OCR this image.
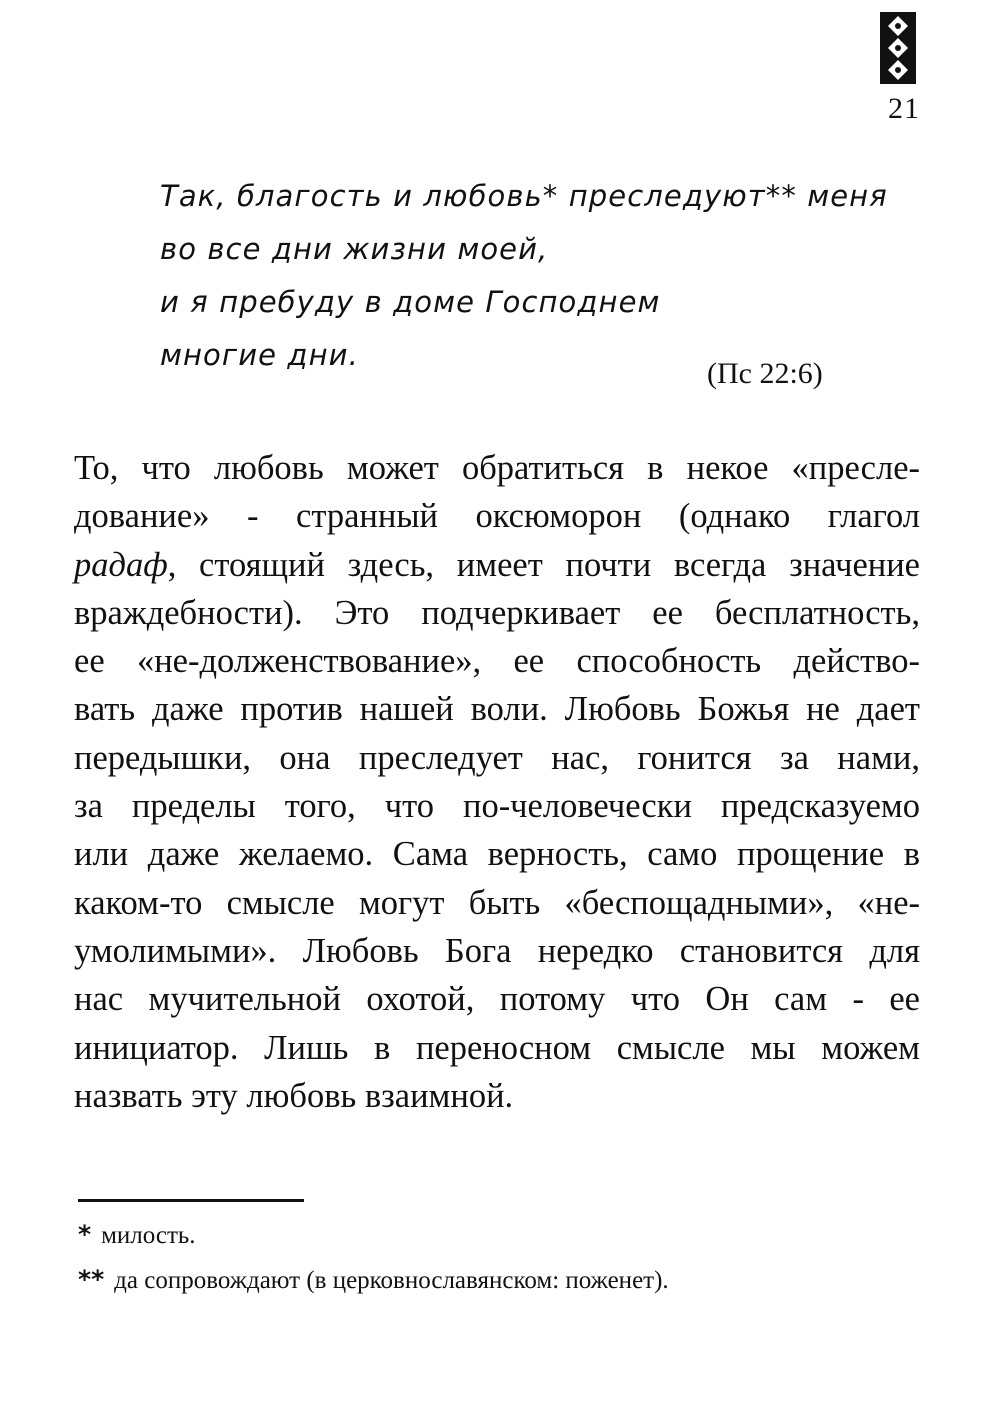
21
Так, благость и любовь* преследуют** меня
во все дни жизни моей,
и я пребуду в доме Господнем
многие дни.
(Пс 22:6)
То, что любовь может обратиться в некое «пресле-
дование» - странный оксюморон (однако глагол
радаф, стоящий здесь, имеет почти всегда значение
враждебности). Это подчеркивает ее бесплатность,
ее «не-долженствование», ее способность действо-
вать даже против нашей воли. Любовь Божья не дает
передышки, она преследует нас, гонится за нами,
за пределы того, что по-человечески предсказуемо
или даже желаемо. Сама верность, само прощение в
каком-то смысле могут быть «беспощадными», «не-
умолимыми». Любовь Бога нередко становится для
нас мучительной охотой, потому что Он сам - ее
инициатор. Лишь в переносном смысле мы можем
назвать эту любовь взаимной.
* милость.
** да сопровождают (в церковнославянском: поженет).
